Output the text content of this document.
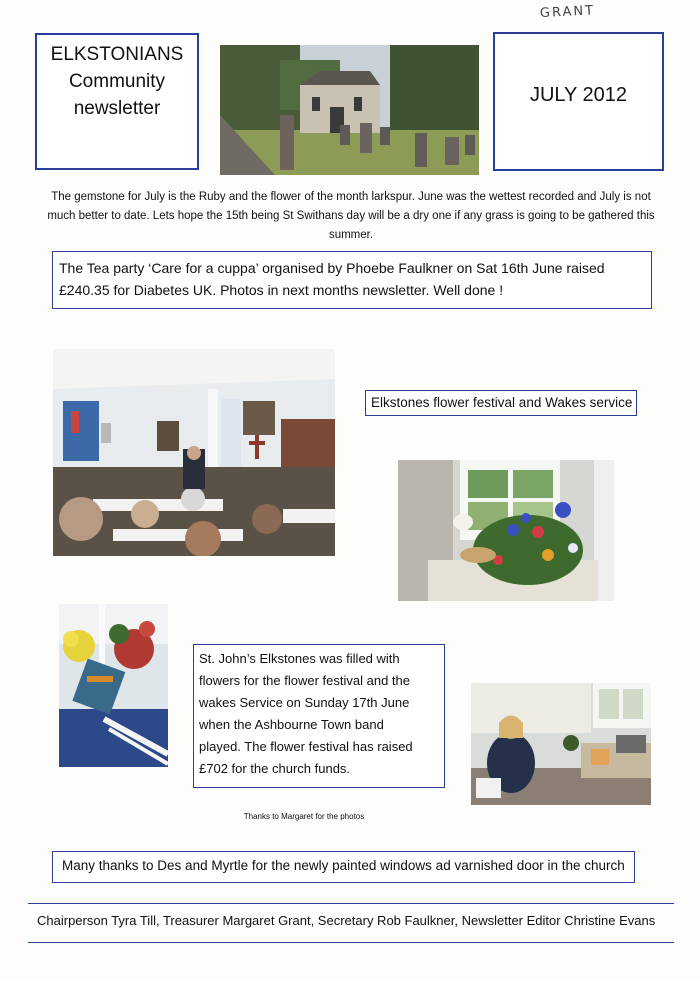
GRANT
ELKSTONIANS
Community
newsletter
JULY 2012
The gemstone for July is the Ruby and the flower of the month larkspur. June was the wettest recorded and July is not much better to date. Lets hope the 15th being St Swithans day will be a dry one if any grass is going to be gathered this summer.
The Tea party ‘Care for a cuppa’ organised by Phoebe Faulkner on Sat 16th June raised
£240.35 for Diabetes UK. Photos in next months newsletter. Well done !
Elkstones flower festival and Wakes service
St. John’s Elkstones was filled with
flowers for the flower festival and the
wakes Service on Sunday 17th June
when the Ashbourne Town band
played. The flower festival has raised
£702 for the church funds.
Thanks to Margaret for the photos
Many thanks to Des and Myrtle for the newly painted windows ad varnished door in the church
Chairperson Tyra Till, Treasurer Margaret Grant, Secretary Rob Faulkner, Newsletter Editor Christine Evans
